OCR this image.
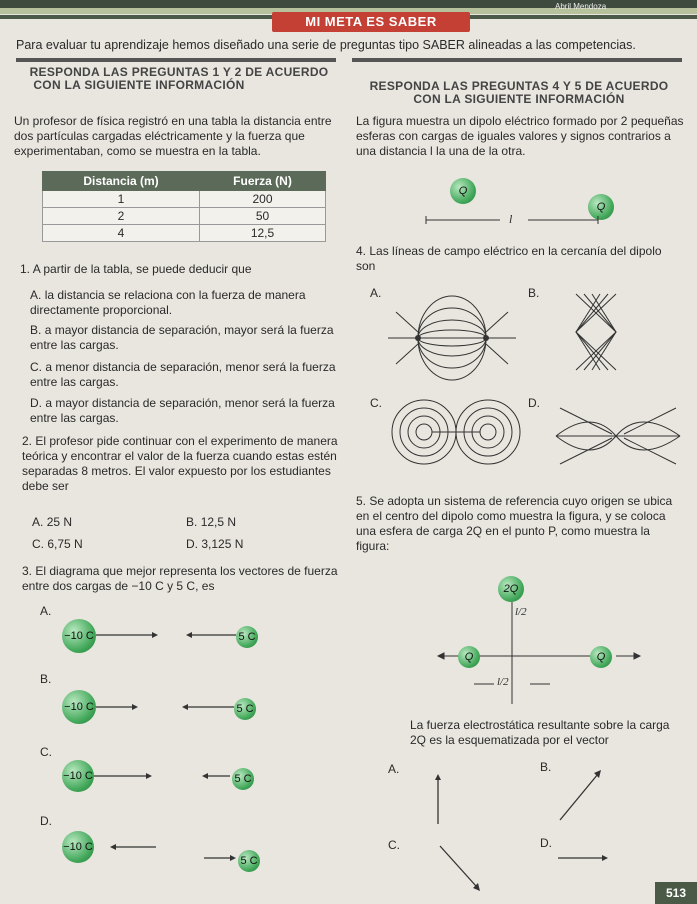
MI META ES SABER
Abril Mendoza
Para evaluar tu aprendizaje hemos diseñado una serie de preguntas tipo SABER alineadas a las competencias.
RESPONDA LAS PREGUNTAS 1 Y 2 DE ACUERDO
CON LA SIGUIENTE INFORMACIÓN
Un profesor de física registró en una tabla la distancia entre dos partículas cargadas eléctricamente y la fuerza que experimentaban, como se muestra en la tabla.
Distancia (m)	Fuerza (N)
1	200
2	50
4	12,5
1. A partir de la tabla, se puede deducir que
A. la distancia se relaciona con la fuerza de manera directamente proporcional.
B. a mayor distancia de separación, mayor será la fuerza entre las cargas.
C. a menor distancia de separación, menor será la fuerza entre las cargas.
D. a mayor distancia de separación, menor será la fuerza entre las cargas.
2. El profesor pide continuar con el experimento de manera teórica y encontrar el valor de la fuerza cuando estas estén separadas 8 metros. El valor expuesto por los estudiantes debe ser
A. 25 N	B. 12,5 N
C. 6,75 N	D. 3,125 N
3. El diagrama que mejor representa los vectores de fuerza entre dos cargas de −10 C y 5 C, es
A.
−10 C	5 C
B.
−10 C	5 C
C.
−10 C	5 C
D.
−10 C
5 C
RESPONDA LAS PREGUNTAS 4 Y 5 DE ACUERDO
CON LA SIGUIENTE INFORMACIÓN
La figura muestra un dipolo eléctrico formado por 2 pequeñas esferas con cargas de iguales valores y signos contrarios a una distancia l la una de la otra.
Q
Q
l
4. Las líneas de campo eléctrico en la cercanía del dipolo son
A.	B.
C.	D.
5. Se adopta un sistema de referencia cuyo origen se ubica en el centro del dipolo como muestra la figura, y se coloca una esfera de carga 2Q en el punto P, como muestra la figura:
2Q
l/2
Q	Q
l/2
La fuerza electrostática resultante sobre la carga 2Q es la esquematizada por el vector
A.	B.
C.	D.
513
